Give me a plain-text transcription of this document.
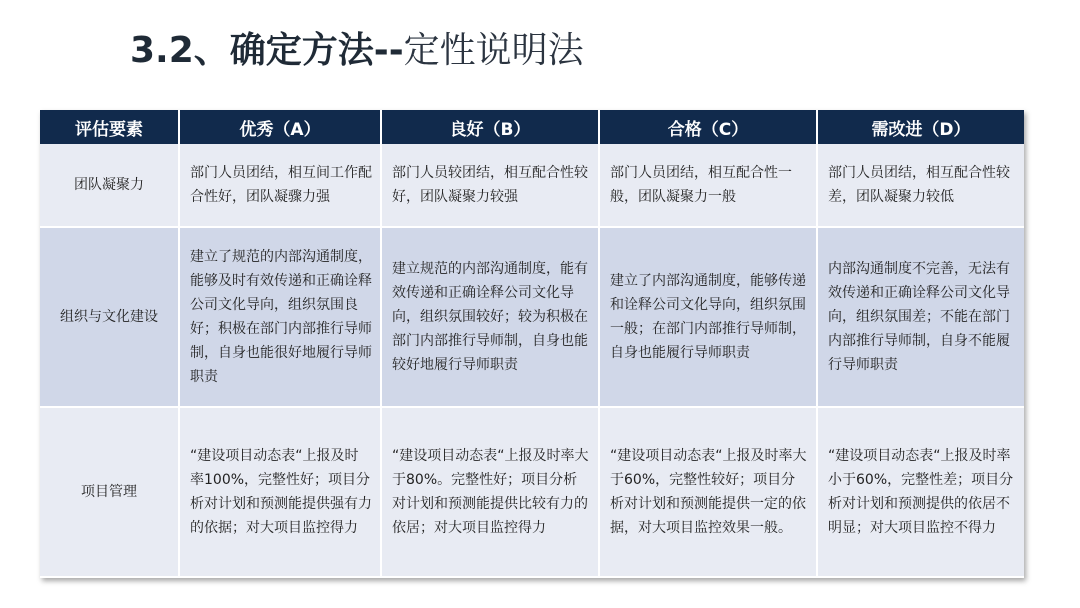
3.2、确定方法--定性说明法
评估要素	优秀（A）	良好（B）	合格（C）	需改进（D）
团队凝聚力	部门人员团结，相互间工作配合性好，团队凝骤力强	部门人员较团结，相互配合性较好，团队凝聚力较强	部门人员团结，相互配合性一般，团队凝聚力一般	部门人员团结，相互配合性较差，团队凝聚力较低
组织与文化建设	建立了规范的内部沟通制度，能够及时有效传递和正确诠释公司文化导向，组织氛围良好；积极在部门内部推行导师制，自身也能很好地履行导师职责	建立规范的内部沟通制度，能有效传递和正确诠释公司文化导向，组织氛围较好；较为积极在部门内部推行导师制，自身也能较好地履行导师职责	建立了内部沟通制度，能够传递和诠释公司文化导向，组织氛围一般；在部门内部推行导师制，自身也能履行导师职责	内部沟通制度不完善，无法有效传递和正确诠释公司文化导向，组织氛围差；不能在部门内部推行导师制，自身不能履行导师职责
项目管理	“建设项目动态表“上报及时率100%，完整性好；项目分析对计划和预测能提供强有力的依据；对大项目监控得力	“建设项目动态表“上报及时率大于80%。完整性好；项目分析对计划和预测能提供比较有力的依居；对大项目监控得力	“建设项目动态表“上报及时率大于60%，完整性较好；项目分析对计划和预测能提供一定的依据，对大项目监控效果一般。	“建设项目动态表“上报及时率小于60%，完整性差；项目分析对计划和预测提供的依居不明显；对大项目监控不得力
